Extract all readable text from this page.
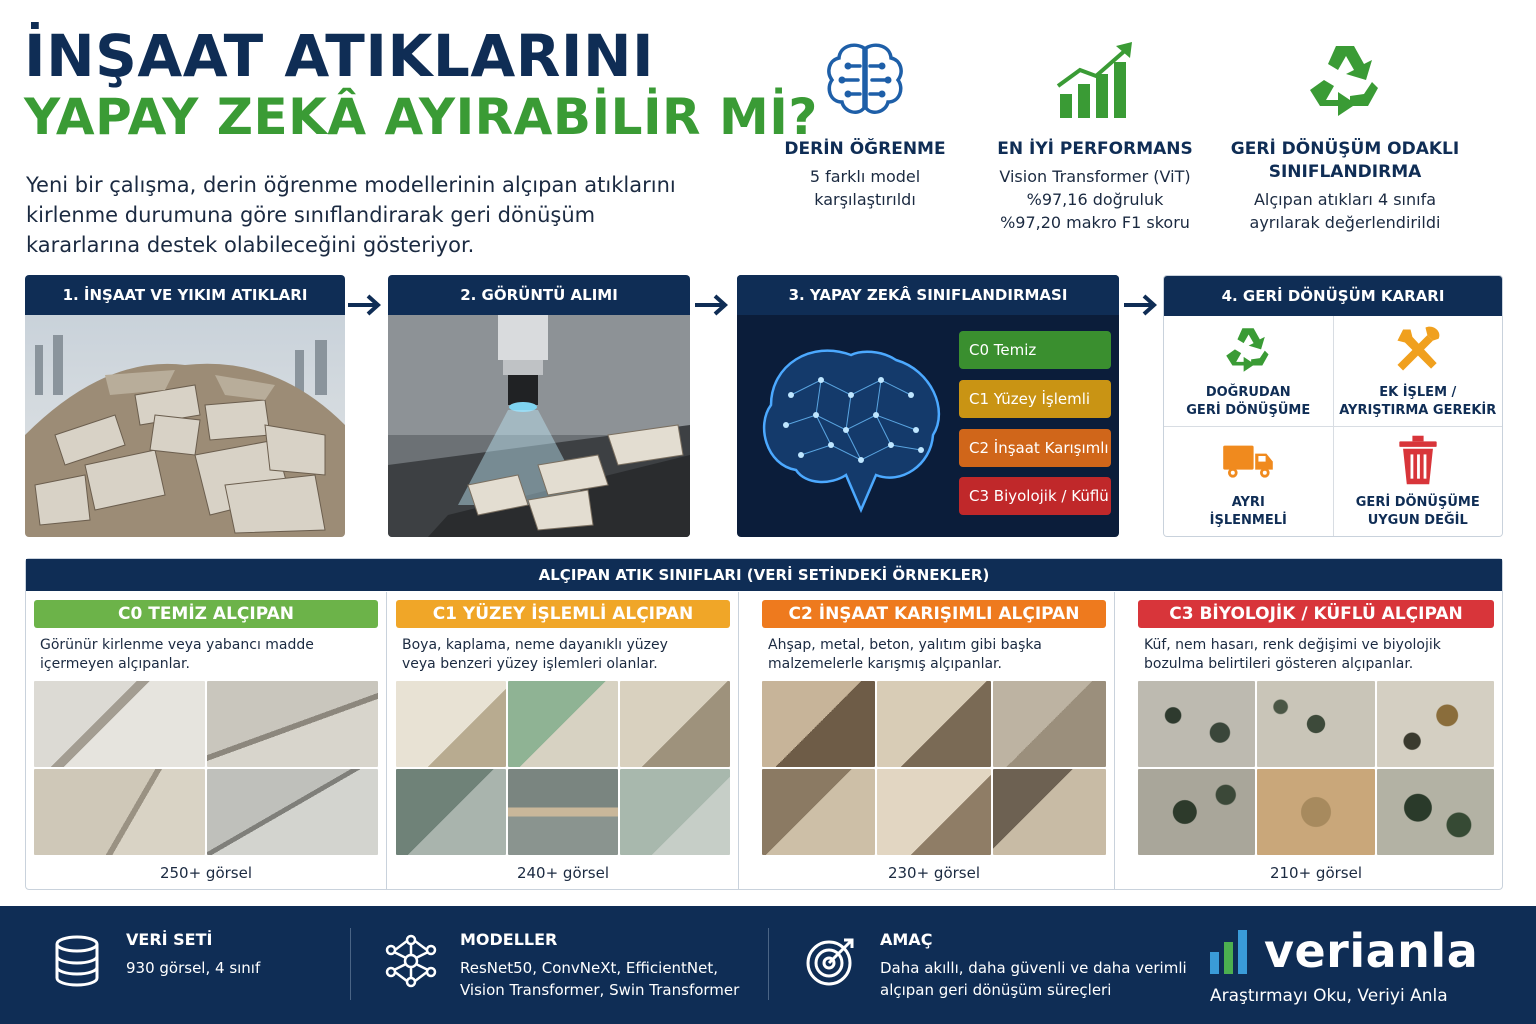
İNŞAAT ATIKLARINI
YAPAY ZEKÂ AYIRABİLİR Mİ?
Yeni bir çalışma, derin öğrenme modellerinin alçıpan atıklarını kirlenme durumuna göre sınıflandirarak geri dönüşüm kararlarına destek olabileceğini gösteriyor.
DERİN ÖĞRENME
5 farklı model
karşılaştırıldı
EN İYİ PERFORMANS
Vision Transformer (ViT)
%97,16 doğruluk
%97,20 makro F1 skoru
GERİ DÖNÜŞÜM ODAKLI SINIFLANDIRMA
Alçıpan atıkları 4 sınıfa
ayrılarak değerlendirildi
1. İNŞAAT VE YIKIM ATIKLARI	2. GÖRÜNTÜ ALIMI	3. YAPAY ZEKÂ SINIFLANDIRMASI
C0 Temiz
C1 Yüzey İşlemli
C2 İnşaat Karışımlı
C3 Biyolojik / Küflü
4. GERİ DÖNÜŞÜM KARARI
DOĞRUDAN
GERİ DÖNÜŞÜME
EK İŞLEM /
AYRIŞTIRMA GEREKİR
AYRI
İŞLENMELİ
GERİ DÖNÜŞÜME
UYGUN DEĞİL
ALÇIPAN ATIK SINIFLARI (VERİ SETİNDEKİ ÖRNEKLER)
C0 TEMİZ ALÇIPAN
Görünür kirlenme veya yabancı madde
içermeyen alçıpanlar.
250+ görsel
C1 YÜZEY İŞLEMLİ ALÇIPAN
Boya, kaplama, neme dayanıklı yüzey
veya benzeri yüzey işlemleri olanlar.
240+ görsel
C2 İNŞAAT KARIŞIMLI ALÇIPAN
Ahşap, metal, beton, yalıtım gibi başka
malzemelerle karışmış alçıpanlar.
230+ görsel
C3 BİYOLOJİK / KÜFLÜ ALÇIPAN
Küf, nem hasarı, renk değişimi ve biyolojik
bozulma belirtileri gösteren alçıpanlar.
210+ görsel
VERİ SETİ
930 görsel, 4 sınıf
MODELLER
ResNet50, ConvNeXt, EfficientNet,
Vision Transformer, Swin Transformer
AMAÇ
Daha akıllı, daha güvenli ve daha verimli
alçıpan geri dönüşüm süreçleri
verianla
Araştırmayı Oku, Veriyi Anla
